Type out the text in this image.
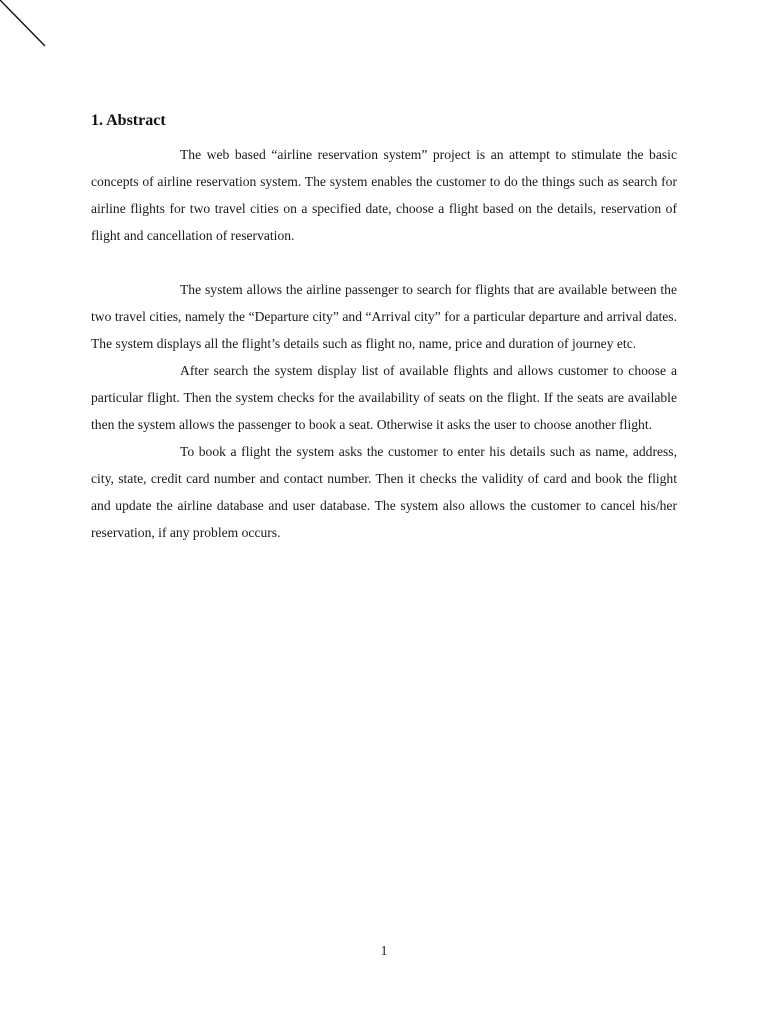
1. Abstract

The web based “airline reservation system” project is an attempt to stimulate the basic concepts of airline reservation system. The system enables the customer to do the things such as search for airline flights for two travel cities on a specified date, choose a flight based on the details, reservation of flight and cancellation of reservation.

The system allows the airline passenger to search for flights that are available between the two travel cities, namely the “Departure city” and “Arrival city” for a particular departure and arrival dates. The system displays all the flight’s details such as flight no, name, price and duration of journey etc.

After search the system display list of available flights and allows customer to choose a particular flight. Then the system checks for the availability of seats on the flight. If the seats are available then the system allows the passenger to book a seat. Otherwise it asks the user to choose another flight.

To book a flight the system asks the customer to enter his details such as name, address, city, state, credit card number and contact number. Then it checks the validity of card and book the flight and update the airline database and user database. The system also allows the customer to cancel his/her reservation, if any problem occurs.

1
